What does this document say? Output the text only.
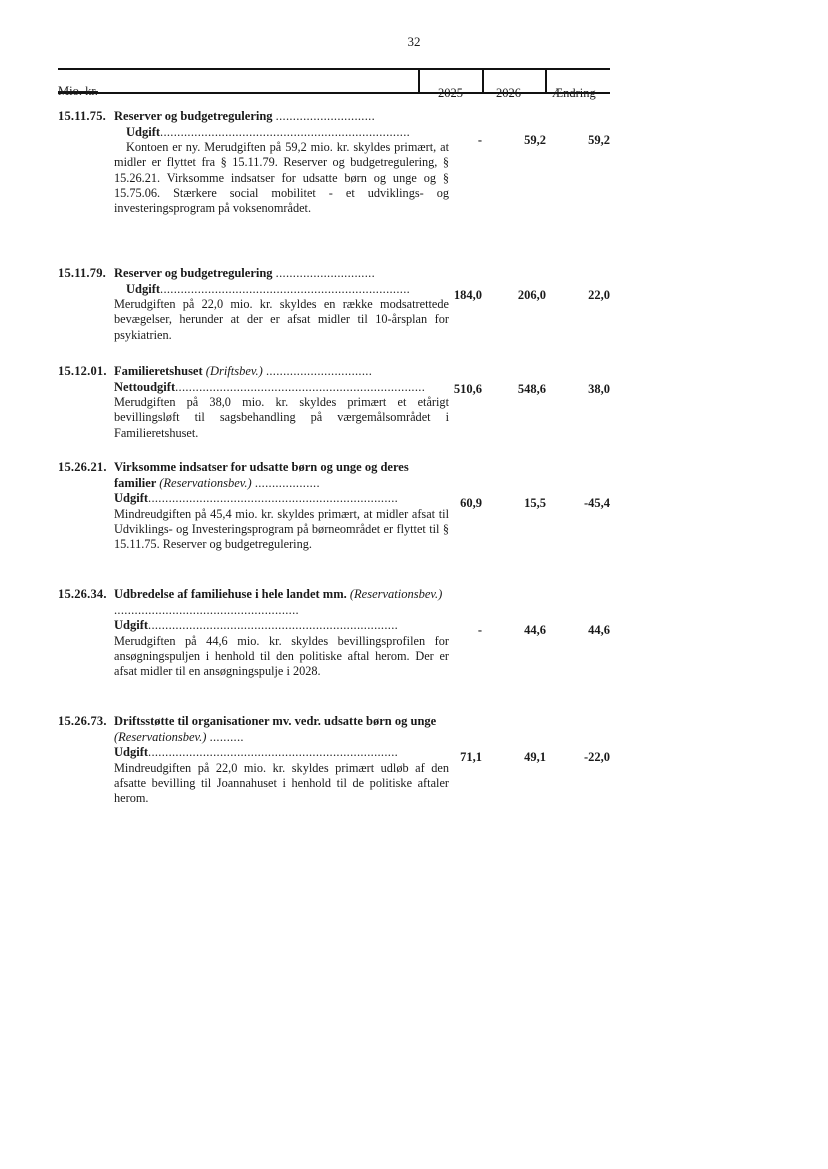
32
Mio. kr.	2025	2026 Ændring
15.11.75. Reserver og budgetregulering .............................
Udgift.........................................................................
Kontoen er ny. Merudgiften på 59,2 mio. kr. skyldes primært, at midler er flyttet fra § 15.11.79. Reserver og budgetregulering, § 15.26.21. Virksomme indsatser for udsatte børn og unge og § 15.75.06. Stærkere social mobilitet - et udviklings- og investeringsprogram på voksenområdet.
-	59,2	59,2
15.11.79. Reserver og budgetregulering .............................
Udgift.........................................................................
Merudgiften på 22,0 mio. kr. skyldes en række modsatrettede bevægelser, herunder at der er afsat midler til 10-årsplan for psykiatrien.
184,0	206,0	22,0
15.12.01. Familieretshuset (Driftsbev.) ...............................
Nettoudgift.........................................................................
Merudgiften på 38,0 mio. kr. skyldes primært et etårigt bevillingsløft til sagsbehandling på værgemålsområdet i Familieretshuset.
510,6	548,6	38,0
15.26.21. Virksomme indsatser for udsatte børn og unge og deres familier (Reservationsbev.) ...................
Udgift.........................................................................
Mindreudgiften på 45,4 mio. kr. skyldes primært, at midler afsat til Udviklings- og Investeringsprogram på børneområdet er flyttet til § 15.11.75. Reserver og budgetregulering.
60,9	15,5	-45,4
15.26.34. Udbredelse af familiehuse i hele landet mm. (Reservationsbev.) ......................................................
Udgift.........................................................................
Merudgiften på 44,6 mio. kr. skyldes bevillingsprofilen for ansøgningspuljen i henhold til den politiske aftal herom. Der er afsat midler til en ansøgningspulje i 2028.
-	44,6	44,6
15.26.73. Driftsstøtte til organisationer mv. vedr. udsatte børn og unge (Reservationsbev.) ..........
Udgift.........................................................................
Mindreudgiften på 22,0 mio. kr. skyldes primært udløb af den afsatte bevilling til Joannahuset i henhold til de politiske aftaler herom.
71,1	49,1	-22,0
